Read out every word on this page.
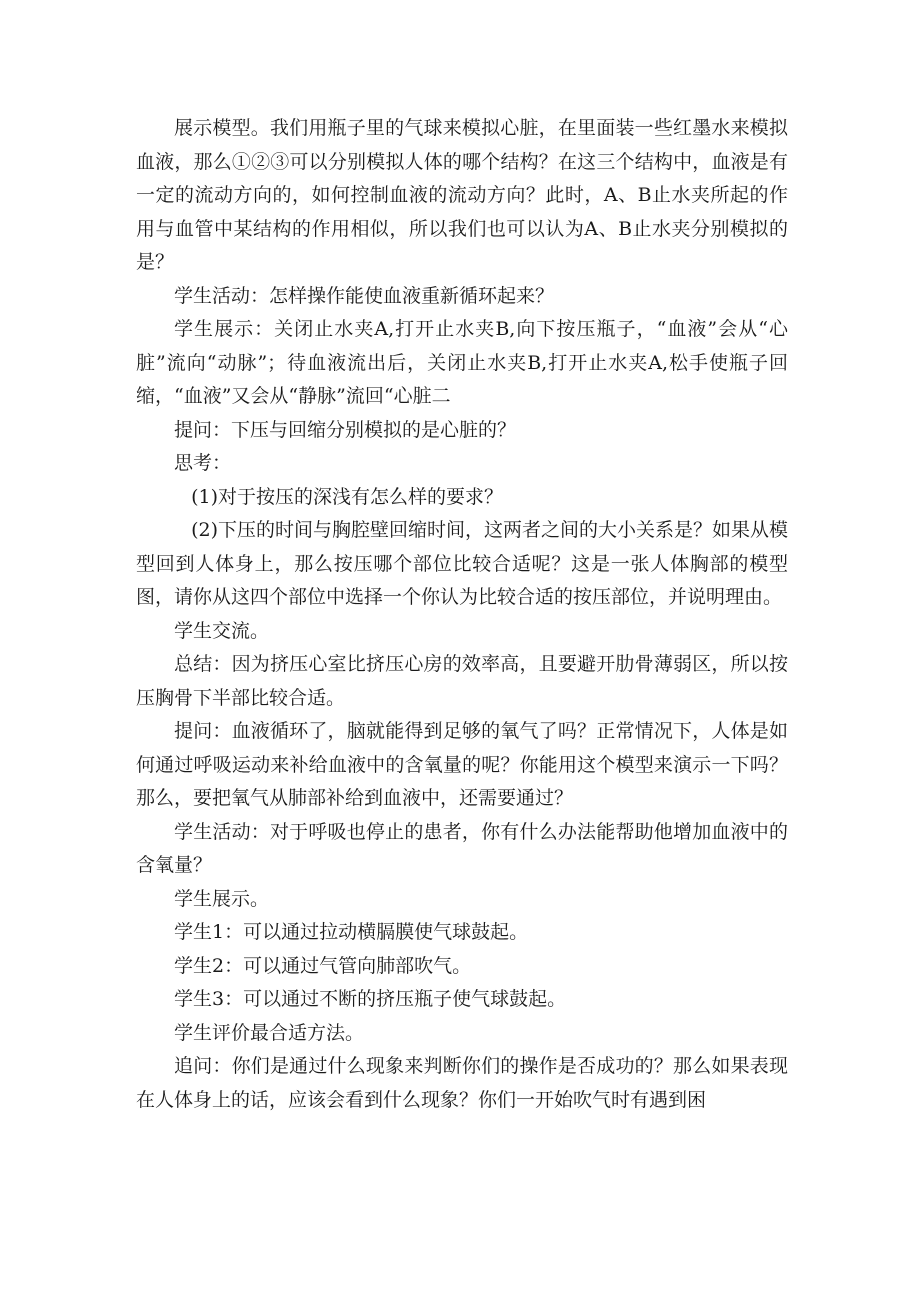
展示模型。我们用瓶子里的气球来模拟心脏，在里面装一些红墨水来模拟血液，那么①②③可以分别模拟人体的哪个结构？在这三个结构中，血液是有一定的流动方向的，如何控制血液的流动方向？此时，A、B止水夹所起的作用与血管中某结构的作用相似，所以我们也可以认为A、B止水夹分别模拟的是？

学生活动：怎样操作能使血液重新循环起来？

学生展示：关闭止水夹A,打开止水夹B,向下按压瓶子，“血液”会从“心脏”流向“动脉”；待血液流出后，关闭止水夹B,打开止水夹A,松手使瓶子回缩，“血液”又会从“静脉”流回“心脏二

提问：下压与回缩分别模拟的是心脏的？

思考：

(1)对于按压的深浅有怎么样的要求？

(2)下压的时间与胸腔壁回缩时间，这两者之间的大小关系是？如果从模型回到人体身上，那么按压哪个部位比较合适呢？这是一张人体胸部的模型图，请你从这四个部位中选择一个你认为比较合适的按压部位，并说明理由。

学生交流。

总结：因为挤压心室比挤压心房的效率高，且要避开肋骨薄弱区，所以按压胸骨下半部比较合适。

提问：血液循环了，脑就能得到足够的氧气了吗？正常情况下，人体是如何通过呼吸运动来补给血液中的含氧量的呢？你能用这个模型来演示一下吗？那么，要把氧气从肺部补给到血液中，还需要通过？

学生活动：对于呼吸也停止的患者，你有什么办法能帮助他增加血液中的含氧量？

学生展示。

学生1：可以通过拉动横膈膜使气球鼓起。

学生2：可以通过气管向肺部吹气。

学生3：可以通过不断的挤压瓶子使气球鼓起。

学生评价最合适方法。

追问：你们是通过什么现象来判断你们的操作是否成功的？那么如果表现在人体身上的话，应该会看到什么现象？你们一开始吹气时有遇到困
